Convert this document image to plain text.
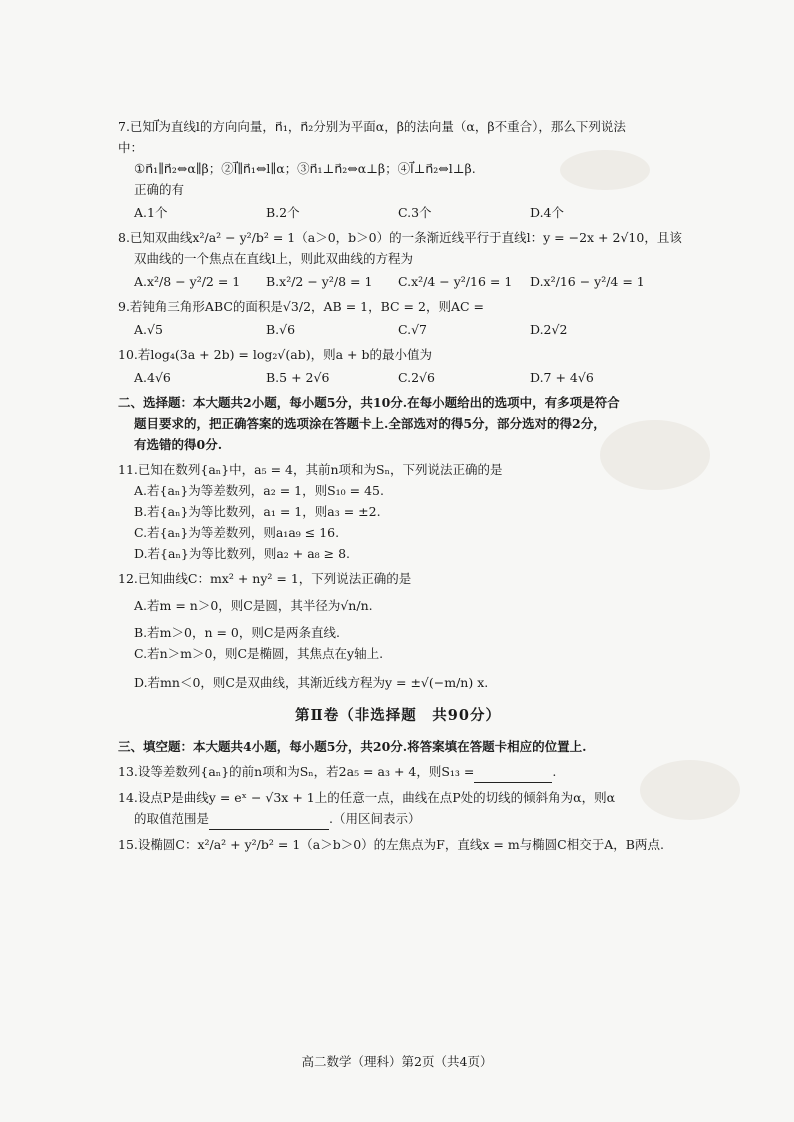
7.已知l⃗为直线l的方向向量，n⃗₁，n⃗₂分别为平面α，β的法向量（α，β不重合），那么下列说法
中：
①n⃗₁∥n⃗₂⇔α∥β；②l⃗∥n⃗₁⇔l∥α；③n⃗₁⊥n⃗₂⇔α⊥β；④l⃗⊥n⃗₂⇔l⊥β.
正确的有
A.1个	B.2个	C.3个	D.4个
8.已知双曲线x²/a² − y²/b² = 1（a＞0，b＞0）的一条渐近线平行于直线l：y = −2x + 2√10，且该
双曲线的一个焦点在直线l上，则此双曲线的方程为
A.x²/8 − y²/2 = 1	B.x²/2 − y²/8 = 1	C.x²/4 − y²/16 = 1	D.x²/16 − y²/4 = 1
9.若钝角三角形ABC的面积是√3/2，AB = 1，BC = 2，则AC =
A.√5	B.√6	C.√7	D.2√2
10.若log₄(3a + 2b) = log₂√(ab)，则a + b的最小值为
A.4√6	B.5 + 2√6	C.2√6	D.7 + 4√6
二、选择题：本大题共2小题，每小题5分，共10分.在每小题给出的选项中，有多项是符合
题目要求的，把正确答案的选项涂在答题卡上.全部选对的得5分，部分选对的得2分，
有选错的得0分.
11.已知在数列{aₙ}中，a₅ = 4，其前n项和为Sₙ，下列说法正确的是
A.若{aₙ}为等差数列，a₂ = 1，则S₁₀ = 45.
B.若{aₙ}为等比数列，a₁ = 1，则a₃ = ±2.
C.若{aₙ}为等差数列，则a₁a₉ ≤ 16.
D.若{aₙ}为等比数列，则a₂ + a₈ ≥ 8.
12.已知曲线C：mx² + ny² = 1，下列说法正确的是
A.若m = n＞0，则C是圆，其半径为√n/n.
B.若m＞0，n = 0，则C是两条直线.
C.若n＞m＞0，则C是椭圆，其焦点在y轴上.
D.若mn＜0，则C是双曲线，其渐近线方程为y = ±√(−m/n) x.
第Ⅱ卷（非选择题　共90分）
三、填空题：本大题共4小题，每小题5分，共20分.将答案填在答题卡相应的位置上.
13.设等差数列{aₙ}的前n项和为Sₙ，若2a₅ = a₃ + 4，则S₁₃ =	.
14.设点P是曲线y = eˣ − √3x + 1上的任意一点，曲线在点P处的切线的倾斜角为α，则α
的取值范围是	.（用区间表示）
15.设椭圆C：x²/a² + y²/b² = 1（a＞b＞0）的左焦点为F，直线x = m与椭圆C相交于A，B两点.
高二数学（理科）第2页（共4页）
